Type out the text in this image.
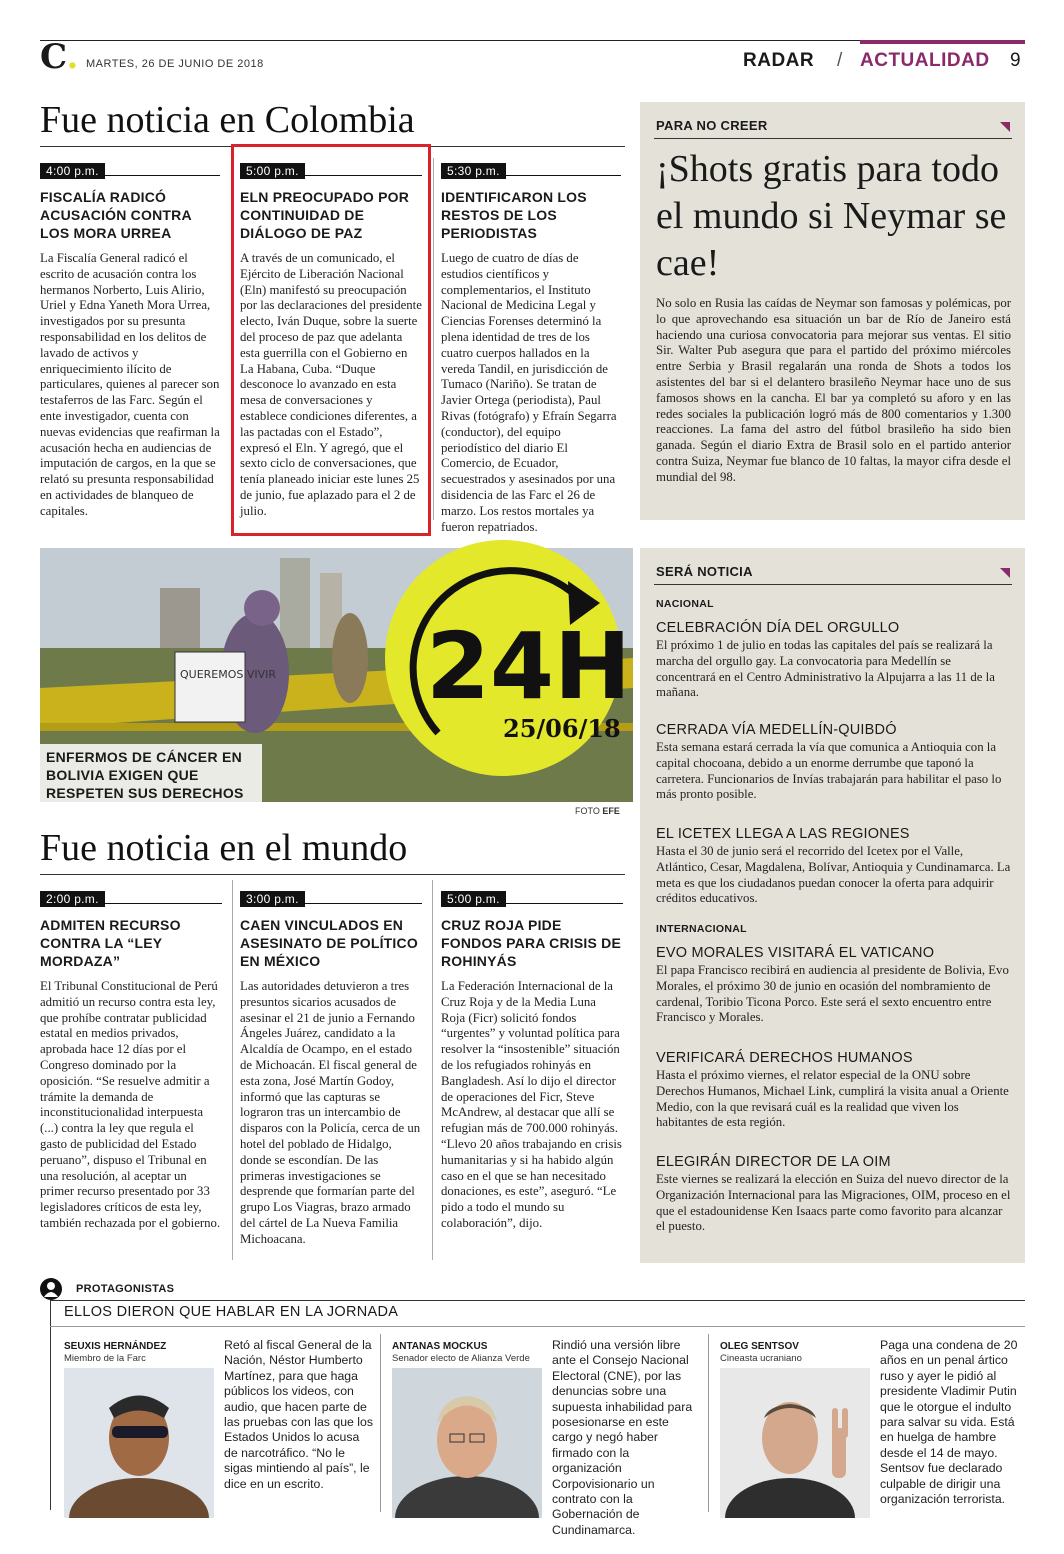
C. MARTES, 26 DE JUNIO DE 2018	RADAR / ACTUALIDAD 9
Fue noticia en Colombia
4:00 p.m.
FISCALÍA RADICÓ ACUSACIÓN CONTRA LOS MORA URREA
La Fiscalía General radicó el escrito de acusación contra los hermanos Norberto, Luis Alirio, Uriel y Edna Yaneth Mora Urrea, investigados por su presunta responsabilidad en los delitos de lavado de activos y enriquecimiento ilícito de particulares, quienes al parecer son testaferros de las Farc. Según el ente investigador, cuenta con nuevas evidencias que reafirman la acusación hecha en audiencias de imputación de cargos, en la que se relató su presunta responsabilidad en actividades de blanqueo de capitales.
5:00 p.m.
ELN PREOCUPADO POR CONTINUIDAD DE DIÁLOGO DE PAZ
A través de un comunicado, el Ejército de Liberación Nacional (Eln) manifestó su preocupación por las declaraciones del presidente electo, Iván Duque, sobre la suerte del proceso de paz que adelanta esta guerrilla con el Gobierno en La Habana, Cuba. “Duque desconoce lo avanzado en esta mesa de conversaciones y establece condiciones diferentes, a las pactadas con el Estado”, expresó el Eln. Y agregó, que el sexto ciclo de conversaciones, que tenía planeado iniciar este lunes 25 de junio, fue aplazado para el 2 de julio.
5:30 p.m.
IDENTIFICARON LOS RESTOS DE LOS PERIODISTAS
Luego de cuatro de días de estudios científicos y complementarios, el Instituto Nacional de Medicina Legal y Ciencias Forenses determinó la plena identidad de tres de los cuatro cuerpos hallados en la vereda Tandil, en jurisdicción de Tumaco (Nariño). Se tratan de Javier Ortega (periodista), Paul Rivas (fotógrafo) y Efraín Segarra (conductor), del equipo periodístico del diario El Comercio, de Ecuador, secuestrados y asesinados por una disidencia de las Farc el 26 de marzo. Los restos mortales ya fueron repatriados.
PARA NO CREER
¡Shots gratis para todo el mundo si Neymar se cae!
No solo en Rusia las caídas de Neymar son famosas y polémicas, por lo que aprovechando esa situación un bar de Río de Janeiro está haciendo una curiosa convocatoria para mejorar sus ventas. El sitio Sir. Walter Pub asegura que para el partido del próximo miércoles entre Serbia y Brasil regalarán una ronda de Shots a todos los asistentes del bar si el delantero brasileño Neymar hace uno de sus famosos shows en la cancha. El bar ya completó su aforo y en las redes sociales la publicación logró más de 800 comentarios y 1.300 reacciones. La fama del astro del fútbol brasileño ha sido bien ganada. Según el diario Extra de Brasil solo en el partido anterior contra Suiza, Neymar fue blanco de 10 faltas, la mayor cifra desde el mundial del 98.
QUEREMOS VIVIR
ENFERMOS DE CÁNCER EN BOLIVIA EXIGEN QUE RESPETEN SUS DERECHOS
FOTO EFE
24H
25/06/18
SERÁ NOTICIA
NACIONAL
CELEBRACIÓN DÍA DEL ORGULLO
El próximo 1 de julio en todas las capitales del país se realizará la marcha del orgullo gay. La convocatoria para Medellín se concentrará en el Centro Administrativo la Alpujarra a las 11 de la mañana.
CERRADA VÍA MEDELLÍN-QUIBDÓ
Esta semana estará cerrada la vía que comunica a Antioquia con la capital chocoana, debido a un enorme derrumbe que taponó la carretera. Funcionarios de Invías trabajarán para habilitar el paso lo más pronto posible.
EL ICETEX LLEGA A LAS REGIONES
Hasta el 30 de junio será el recorrido del Icetex por el Valle, Atlántico, Cesar, Magdalena, Bolívar, Antioquia y Cundinamarca. La meta es que los ciudadanos puedan conocer la oferta para adquirir créditos educativos.
INTERNACIONAL
EVO MORALES VISITARÁ EL VATICANO
El papa Francisco recibirá en audiencia al presidente de Bolivia, Evo Morales, el próximo 30 de junio en ocasión del nombramiento de cardenal, Toribio Ticona Porco. Este será el sexto encuentro entre Francisco y Morales.
VERIFICARÁ DERECHOS HUMANOS
Hasta el próximo viernes, el relator especial de la ONU sobre Derechos Humanos, Michael Link, cumplirá la visita anual a Oriente Medio, con la que revisará cuál es la realidad que viven los habitantes de esta región.
ELEGIRÁN DIRECTOR DE LA OIM
Este viernes se realizará la elección en Suiza del nuevo director de la Organización Internacional para las Migraciones, OIM, proceso en el que el estadounidense Ken Isaacs parte como favorito para alcanzar el puesto.
Fue noticia en el mundo
2:00 p.m.
ADMITEN RECURSO CONTRA LA “LEY MORDAZA”
El Tribunal Constitucional de Perú admitió un recurso contra esta ley, que prohíbe contratar publicidad estatal en medios privados, aprobada hace 12 días por el Congreso dominado por la oposición. “Se resuelve admitir a trámite la demanda de inconstitucionalidad interpuesta (...) contra la ley que regula el gasto de publicidad del Estado peruano”, dispuso el Tribunal en una resolución, al aceptar un primer recurso presentado por 33 legisladores críticos de esta ley, también rechazada por el gobierno.
3:00 p.m.
CAEN VINCULADOS EN ASESINATO DE POLÍTICO EN MÉXICO
Las autoridades detuvieron a tres presuntos sicarios acusados de asesinar el 21 de junio a Fernando Ángeles Juárez, candidato a la Alcaldía de Ocampo, en el estado de Michoacán. El fiscal general de esta zona, José Martín Godoy, informó que las capturas se lograron tras un intercambio de disparos con la Policía, cerca de un hotel del poblado de Hidalgo, donde se escondían. De las primeras investigaciones se desprende que formarían parte del grupo Los Viagras, brazo armado del cártel de La Nueva Familia Michoacana.
5:00 p.m.
CRUZ ROJA PIDE FONDOS PARA CRISIS DE ROHINYÁS
La Federación Internacional de la Cruz Roja y de la Media Luna Roja (Ficr) solicitó fondos “urgentes” y voluntad política para resolver la “insostenible” situación de los refugiados rohinyás en Bangladesh. Así lo dijo el director de operaciones del Ficr, Steve McAndrew, al destacar que allí se refugian más de 700.000 rohinyás. “Llevo 20 años trabajando en crisis humanitarias y si ha habido algún caso en el que se han necesitado donaciones, es este”, aseguró. “Le pido a todo el mundo su colaboración”, dijo.
PROTAGONISTAS
ELLOS DIERON QUE HABLAR EN LA JORNADA
SEUXIS HERNÁNDEZ
Miembro de la Farc
Retó al fiscal General de la Nación, Néstor Humberto Martínez, para que haga públicos los videos, con audio, que hacen parte de las pruebas con las que los Estados Unidos lo acusa de narcotráfico. “No le sigas mintiendo al país”, le dice en un escrito.
ANTANAS MOCKUS
Senador electo de Alianza Verde
Rindió una versión libre ante el Consejo Nacional Electoral (CNE), por las denuncias sobre una supuesta inhabilidad para posesionarse en este cargo y negó haber firmado con la organización Corpovisionario un contrato con la Gobernación de Cundinamarca.
OLEG SENTSOV
Cineasta ucraniano
Paga una condena de 20 años en un penal ártico ruso y ayer le pidió al presidente Vladimir Putin que le otorgue el indulto para salvar su vida. Está en huelga de hambre desde el 14 de mayo. Sentsov fue declarado culpable de dirigir una organización terrorista.
